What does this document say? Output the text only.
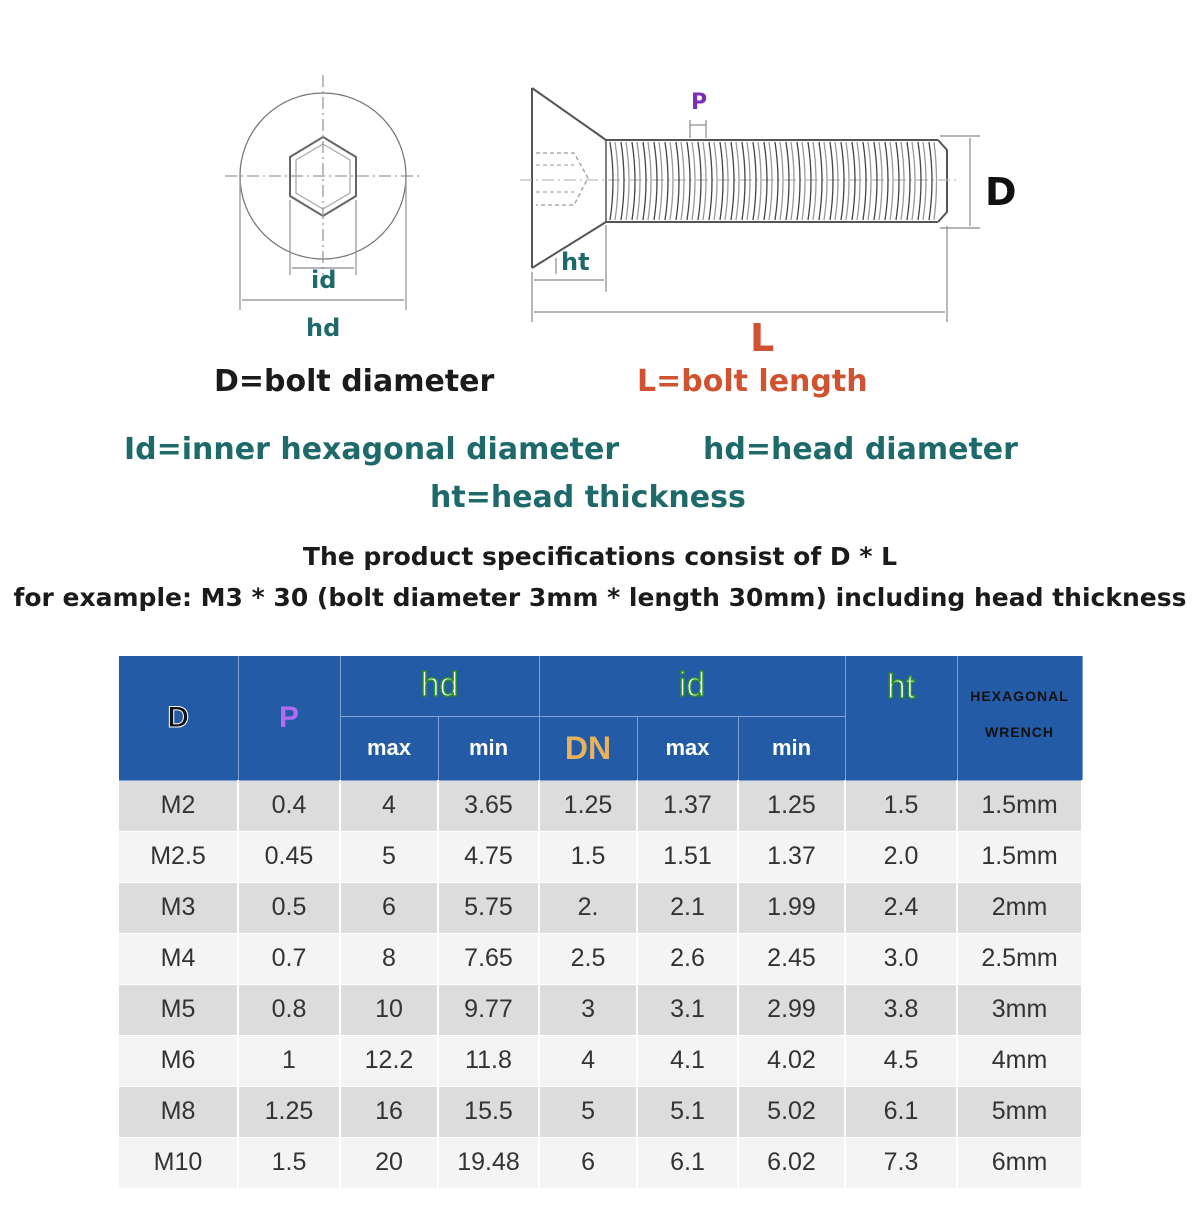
id
hd
P
D
ht
L
D=bolt diameter	L=bolt length
Id=inner hexagonal diameter	hd=head diameter
ht=head thickness
The product specifications consist of D * L
for example: M3 * 30 (bolt diameter 3mm * length 30mm) including head thickness
D	P	hd		id			ht	HEXAGONAL
WRENCH

		max	min	DN	max	min		
M2	0.4	4	3.65	1.25	1.37	1.25	1.5	1.5mm
M2.5	0.45	5	4.75	1.5	1.51	1.37	2.0	1.5mm
M3	0.5	6	5.75	2.	2.1	1.99	2.4	2mm
M4	0.7	8	7.65	2.5	2.6	2.45	3.0	2.5mm
M5	0.8	10	9.77	3	3.1	2.99	3.8	3mm
M6	1	12.2	11.8	4	4.1	4.02	4.5	4mm
M8	1.25	16	15.5	5	5.1	5.02	6.1	5mm
M10	1.5	20	19.48	6	6.1	6.02	7.3	6mm
